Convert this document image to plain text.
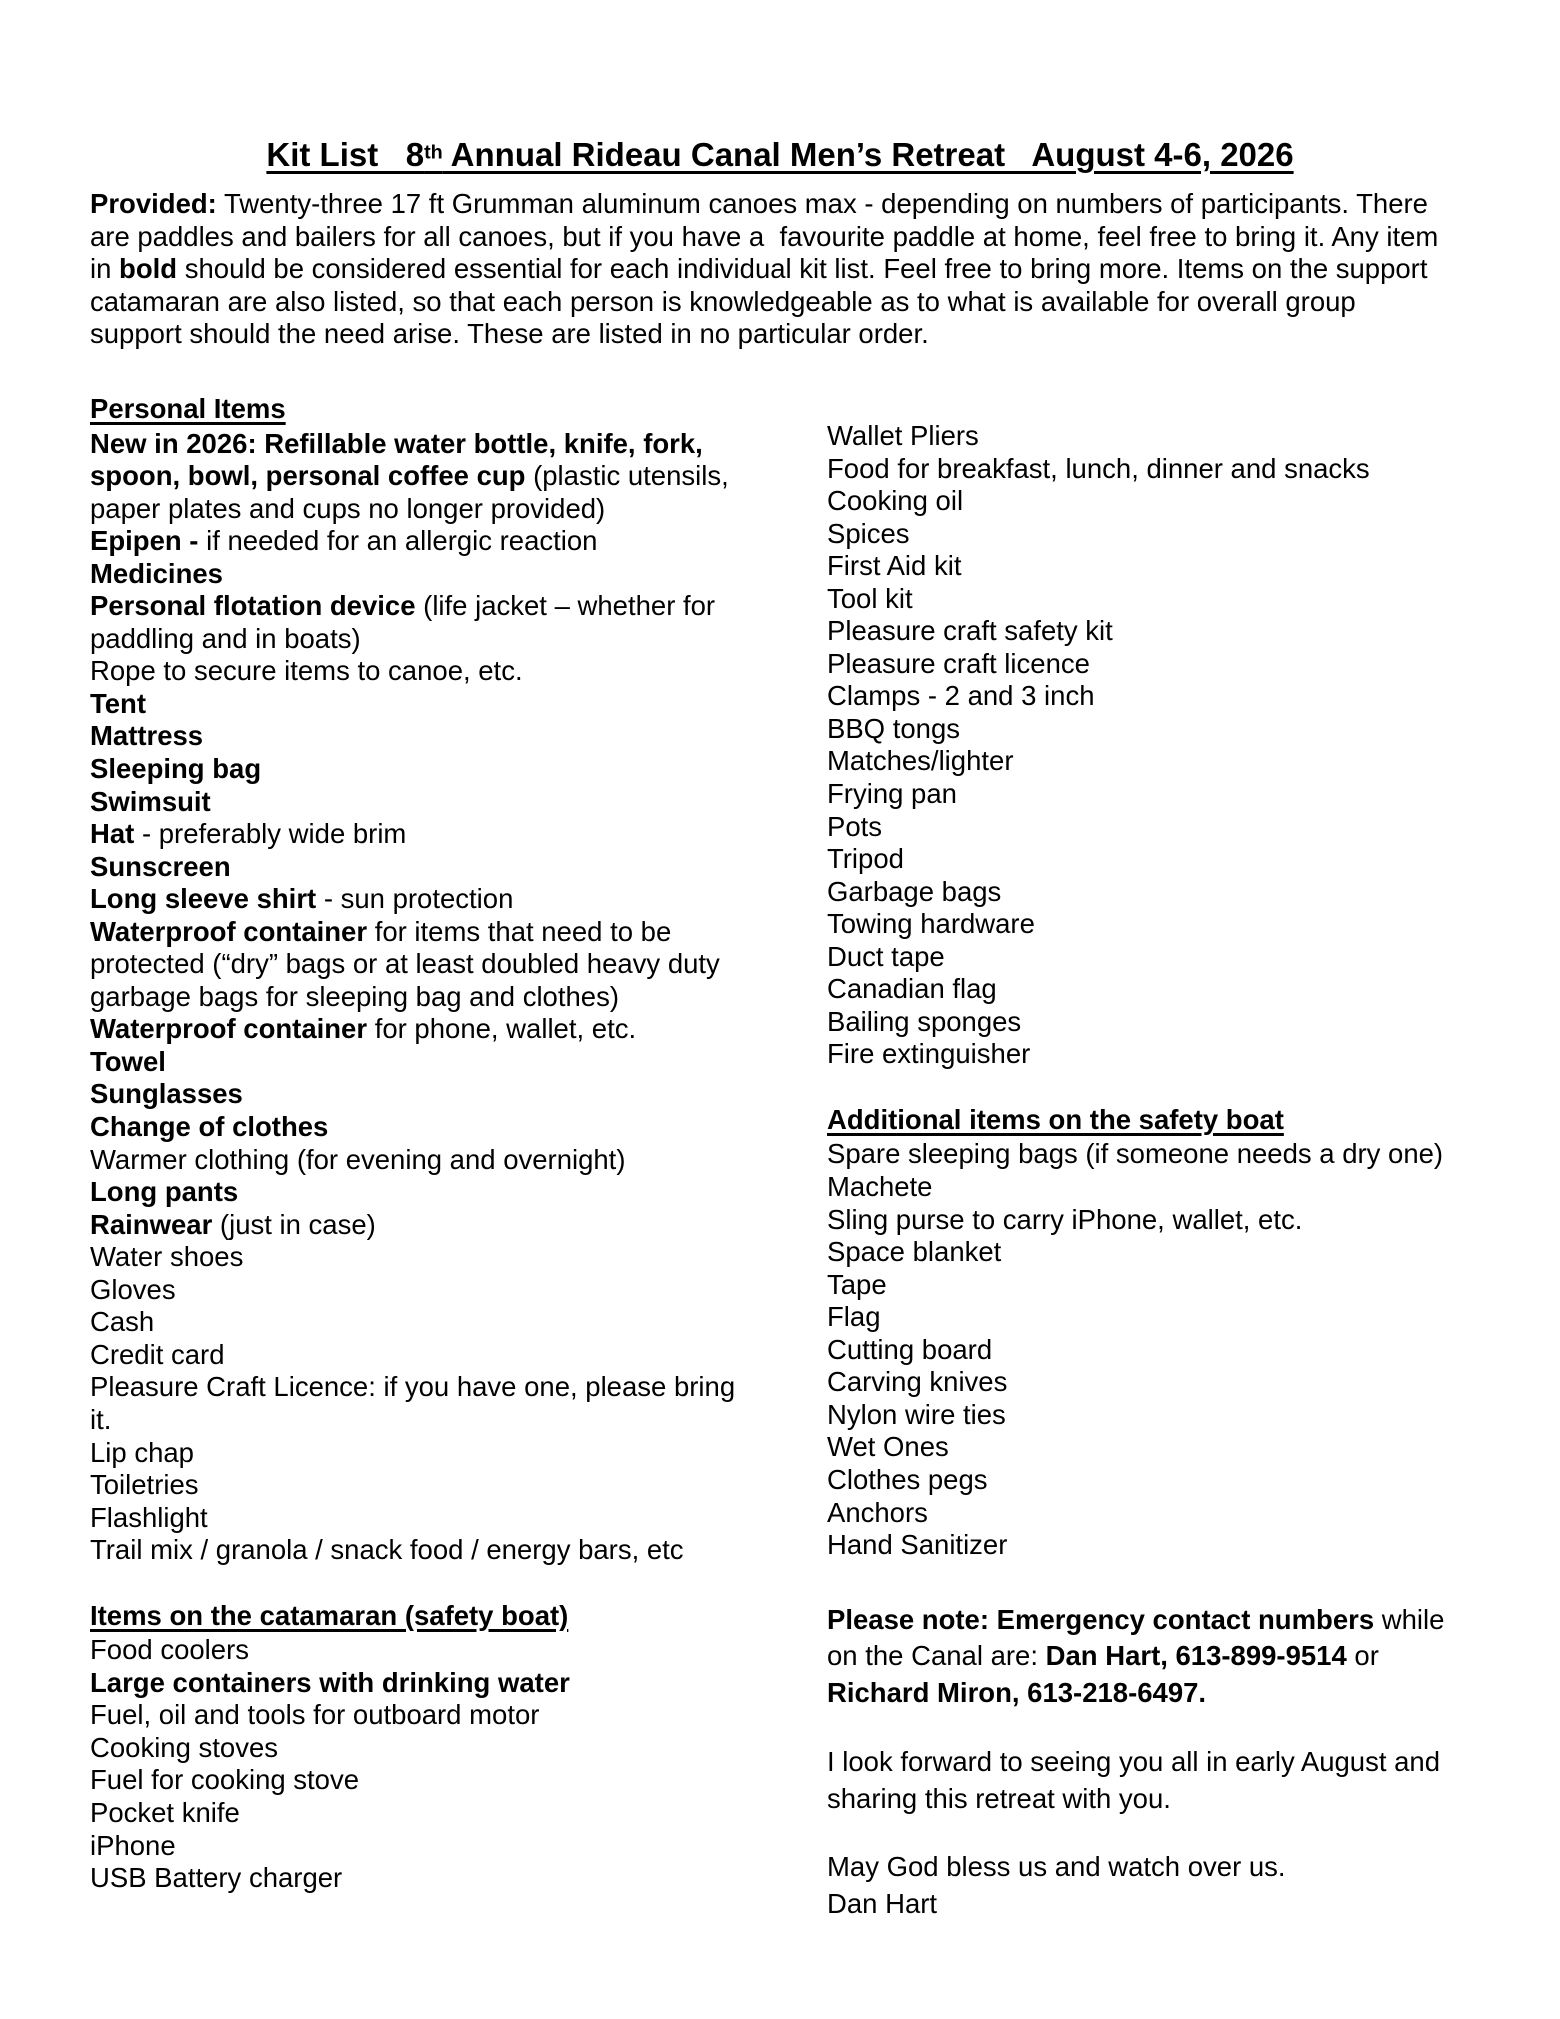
Kit List   8th Annual Rideau Canal Men’s Retreat   August 4-6, 2026
Provided: Twenty-three 17 ft Grumman aluminum canoes max - depending on numbers of participants. There are paddles and bailers for all canoes, but if you have a  favourite paddle at home, feel free to bring it. Any item in bold should be considered essential for each individual kit list. Feel free to bring more. Items on the support catamaran are also listed, so that each person is knowledgeable as to what is available for overall group support should the need arise. These are listed in no particular order.
Personal Items
New in 2026: Refillable water bottle, knife, fork, spoon, bowl, personal coffee cup (plastic utensils, paper plates and cups no longer provided)
Epipen - if needed for an allergic reaction
Medicines
Personal flotation device (life jacket – whether for paddling and in boats)
Rope to secure items to canoe, etc.
Tent
Mattress
Sleeping bag
Swimsuit
Hat - preferably wide brim
Sunscreen
Long sleeve shirt - sun protection
Waterproof container for items that need to be protected (“dry” bags or at least doubled heavy duty garbage bags for sleeping bag and clothes)
Waterproof container for phone, wallet, etc.
Towel
Sunglasses
Change of clothes
Warmer clothing (for evening and overnight)
Long pants
Rainwear (just in case)
Water shoes
Gloves
Cash
Credit card
Pleasure Craft Licence: if you have one, please bring it.
Lip chap
Toiletries
Flashlight
Trail mix / granola / snack food / energy bars, etc
Items on the catamaran (safety boat)
Food coolers
Large containers with drinking water
Fuel, oil and tools for outboard motor
Cooking stoves
Fuel for cooking stove
Pocket knife
iPhone
USB Battery charger
Wallet Pliers
Food for breakfast, lunch, dinner and snacks
Cooking oil
Spices
First Aid kit
Tool kit
Pleasure craft safety kit
Pleasure craft licence
Clamps - 2 and 3 inch
BBQ tongs
Matches/lighter
Frying pan
Pots
Tripod
Garbage bags
Towing hardware
Duct tape
Canadian flag
Bailing sponges
Fire extinguisher
Additional items on the safety boat
Spare sleeping bags (if someone needs a dry one)
Machete
Sling purse to carry iPhone, wallet, etc.
Space blanket
Tape
Flag
Cutting board
Carving knives
Nylon wire ties
Wet Ones
Clothes pegs
Anchors
Hand Sanitizer
Please note: Emergency contact numbers while on the Canal are: Dan Hart, 613-899-9514 or Richard Miron, 613-218-6497.
I look forward to seeing you all in early August and sharing this retreat with you.
May God bless us and watch over us.
Dan Hart
